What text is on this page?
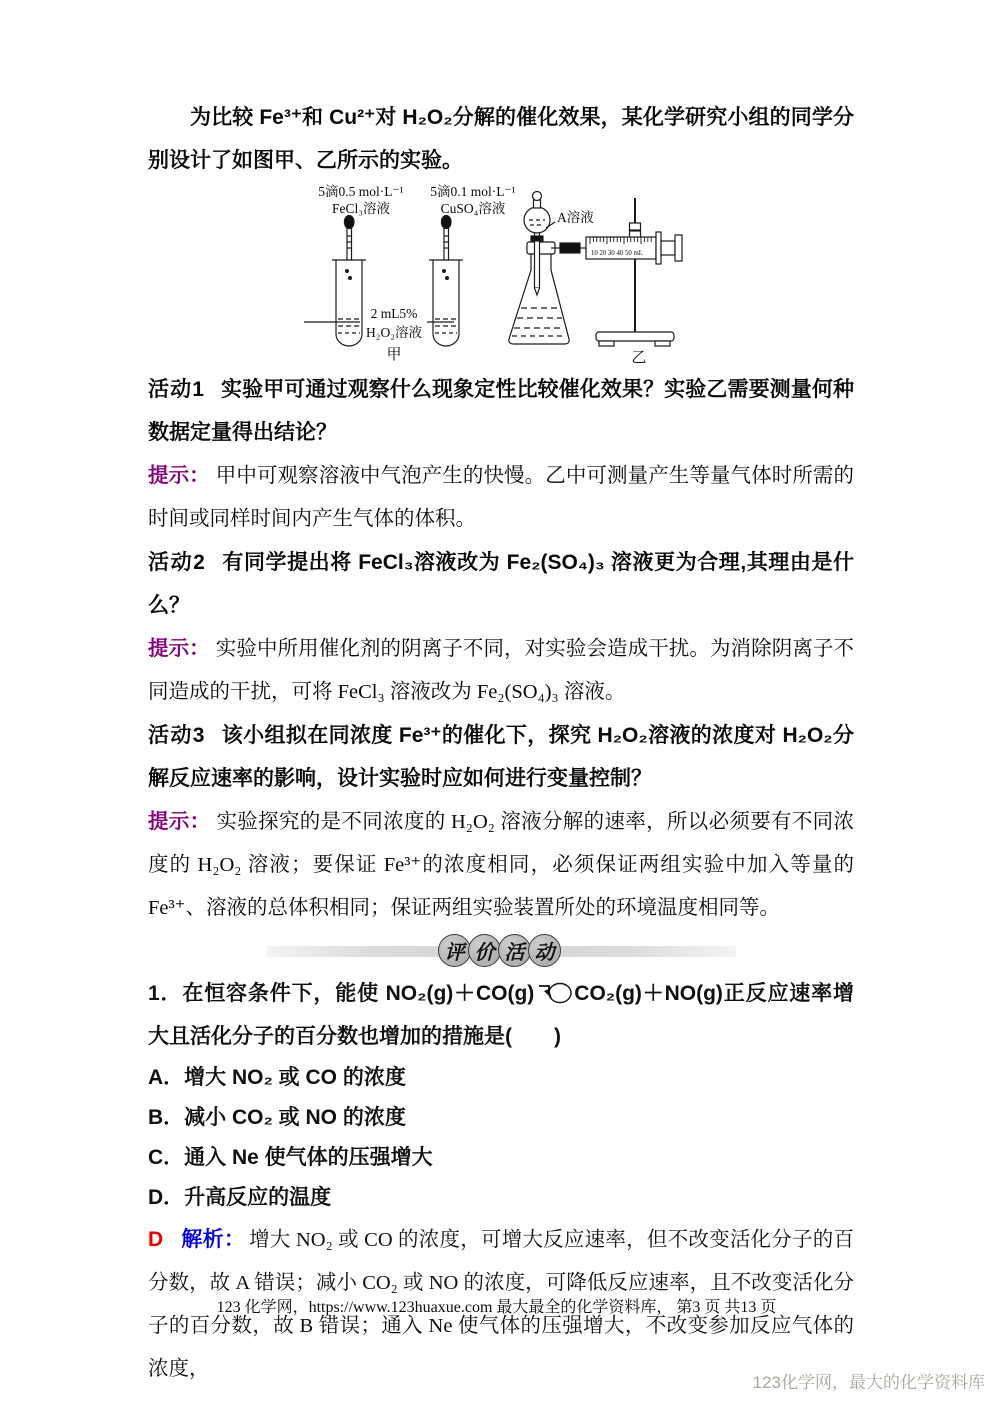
为比较 Fe³⁺和 Cu²⁺对 H₂O₂分解的催化效果，某化学研究小组的同学分别设计了如图甲、乙所示的实验。

5滴0.5 mol·L⁻¹
FeCl₃溶液
5滴0.1 mol·L⁻¹
CuSO₄溶液
2 mL5%
H₂O₂溶液
A溶液
10 20 30 40 50 mL
甲	乙

活动1 实验甲可通过观察什么现象定性比较催化效果？实验乙需要测量何种数据定量得出结论？

提示： 甲中可观察溶液中气泡产生的快慢。乙中可测量产生等量气体时所需的时间或同样时间内产生气体的体积。

活动2 有同学提出将 FeCl₃溶液改为 Fe₂(SO₄)₃ 溶液更为合理,其理由是什么？

提示： 实验中所用催化剂的阴离子不同，对实验会造成干扰。为消除阴离子不同造成的干扰，可将 FeCl₃ 溶液改为 Fe₂(SO₄)₃ 溶液。

活动3 该小组拟在同浓度 Fe³⁺的催化下，探究 H₂O₂溶液的浓度对 H₂O₂分解反应速率的影响，设计实验时应如何进行变量控制？

提示： 实验探究的是不同浓度的 H₂O₂ 溶液分解的速率，所以必须要有不同浓度的 H₂O₂ 溶液；要保证 Fe³⁺的浓度相同，必须保证两组实验中加入等量的 Fe³⁺、溶液的总体积相同；保证两组实验装置所处的环境温度相同等。

评 价 活 动

1．在恒容条件下，能使 NO₂(g)＋CO(g) CO₂(g)＋NO(g)正反应速率增大且活化分子的百分数也增加的措施是(　　)

A．增大 NO₂ 或 CO 的浓度
B．减小 CO₂ 或 NO 的浓度
C．通入 Ne 使气体的压强增大
D．升高反应的温度

D 解析： 增大 NO₂ 或 CO 的浓度，可增大反应速率，但不改变活化分子的百分数，故 A 错误；减小 CO₂ 或 NO 的浓度，可降低反应速率，且不改变活化分子的百分数，故 B 错误；通入 Ne 使气体的压强增大，不改变参加反应气体的浓度，

123 化学网，https://www.123huaxue.com 最大最全的化学资料库， 第3 页 共13 页
123化学网，最大的化学资料库
